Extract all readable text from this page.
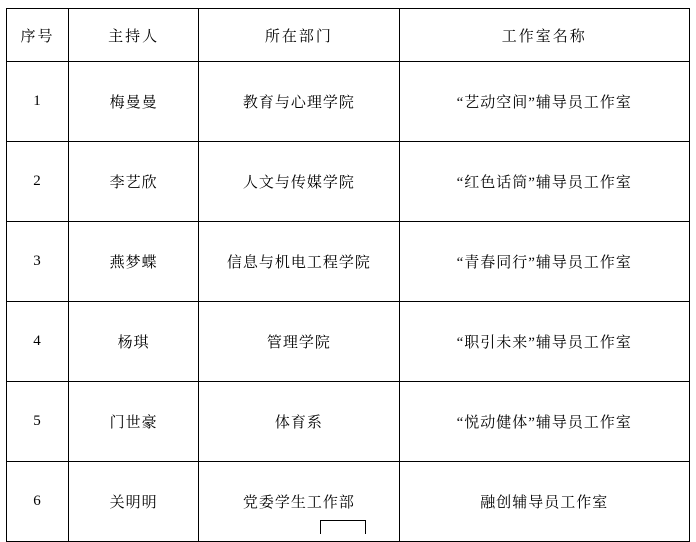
序号	主持人	所在部门	工作室名称
1	梅曼曼	教育与心理学院	“艺动空间”辅导员工作室
2	李艺欣	人文与传媒学院	“红色话筒”辅导员工作室
3	燕梦蝶	信息与机电工程学院	“青春同行”辅导员工作室
4	杨琪	管理学院	“职引未来”辅导员工作室
5	门世豪	体育系	“悦动健体”辅导员工作室
6	关明明	党委学生工作部	融创辅导员工作室
